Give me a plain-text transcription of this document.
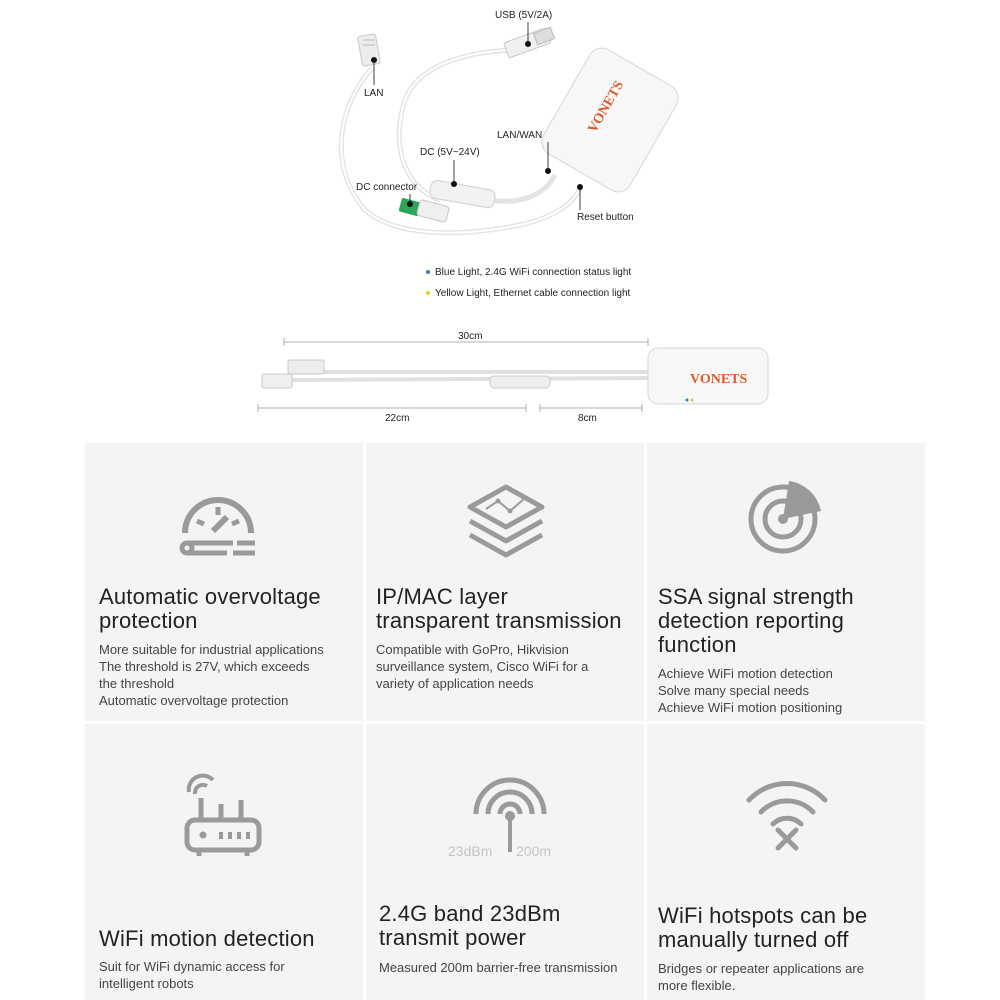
VONETS
VONETS
USB (5V/2A)
LAN
LAN/WAN
DC (5V~24V)
DC connector
Reset button
Blue Light, 2.4G WiFi connection status light
Yellow Light, Ethernet cable connection light
30cm
22cm	8cm
Automatic overvoltage
protection
More suitable for industrial applications
The threshold is 27V, which exceeds
the threshold
Automatic overvoltage protection
IP/MAC layer
transparent transmission
Compatible with GoPro, Hikvision
surveillance system, Cisco WiFi for a
variety of application needs
SSA signal strength
detection reporting
function
Achieve WiFi motion detection
Solve many special needs
Achieve WiFi motion positioning
WiFi motion detection
Suit for WiFi dynamic access for
intelligent robots
23dBm 200m
2.4G band 23dBm
transmit power
Measured 200m barrier-free transmission
WiFi hotspots can be
manually turned off
Bridges or repeater applications are
more flexible.
